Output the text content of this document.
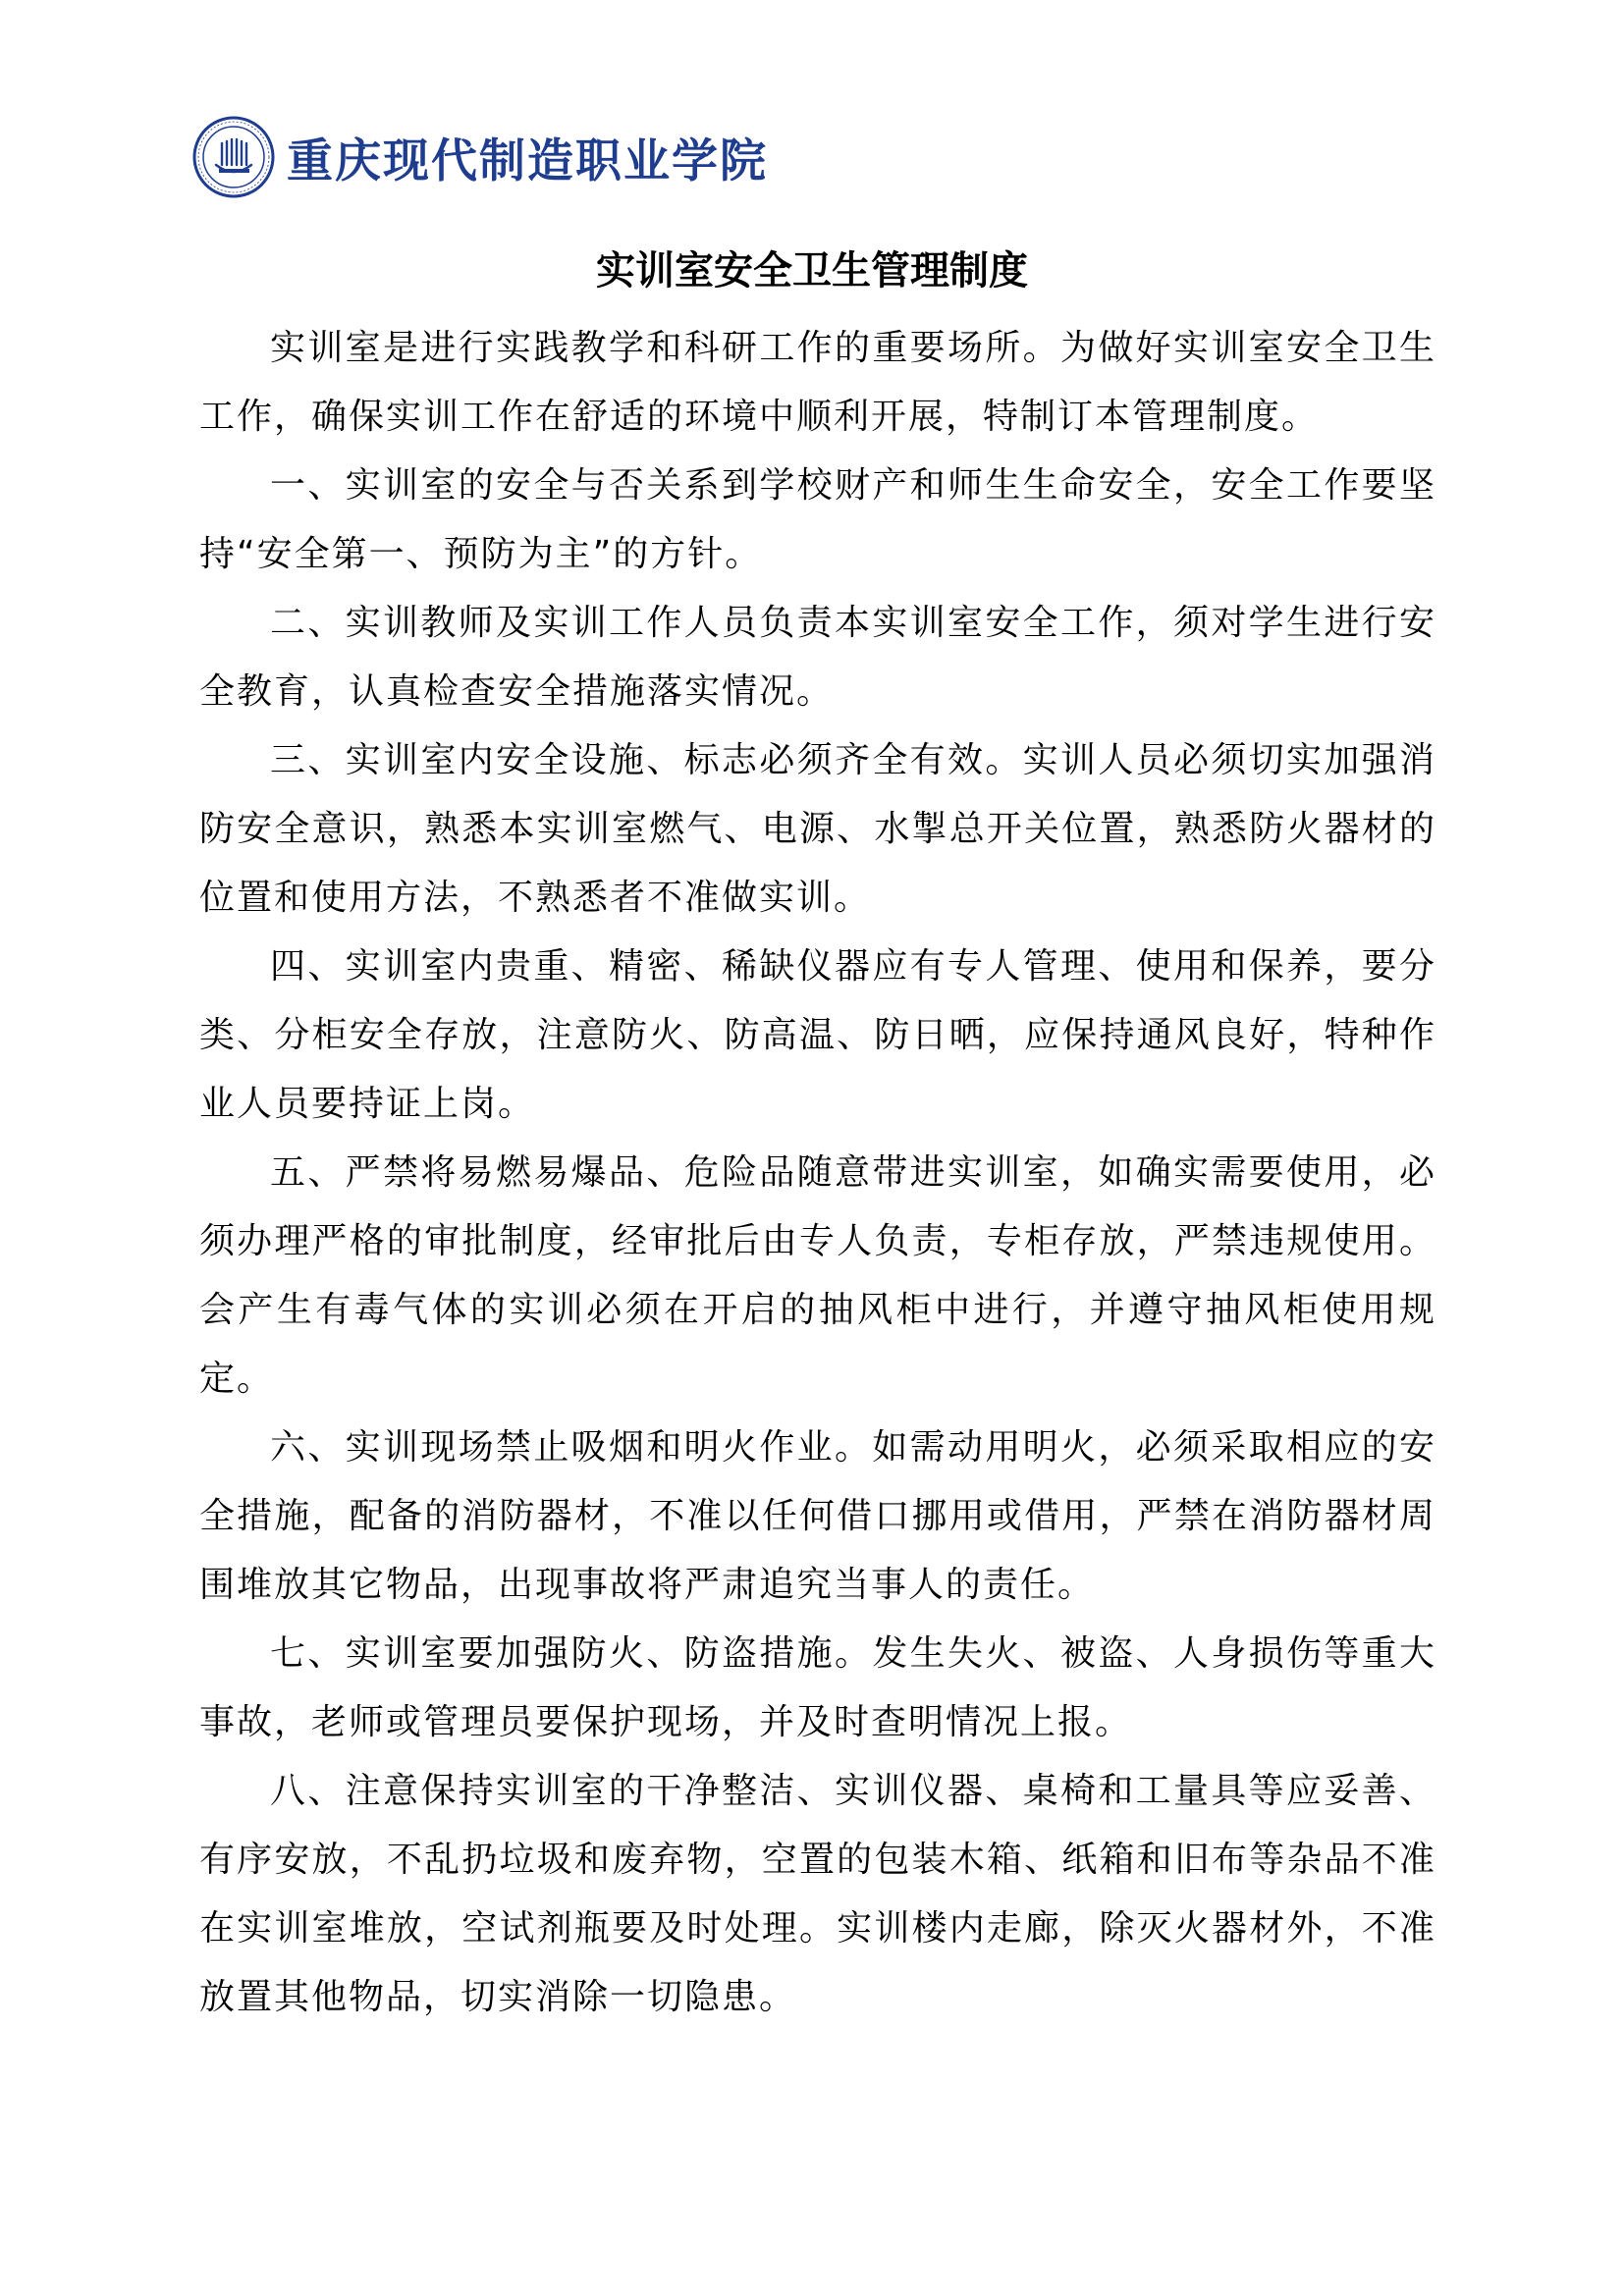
重庆现代制造职业学院
实训室安全卫生管理制度

实训室是进行实践教学和科研工作的重要场所。为做好实训室安全卫生工作，确保实训工作在舒适的环境中顺利开展，特制订本管理制度。

一、实训室的安全与否关系到学校财产和师生生命安全，安全工作要坚持“安全第一、预防为主”的方针。

二、实训教师及实训工作人员负责本实训室安全工作，须对学生进行安全教育，认真检查安全措施落实情况。

三、实训室内安全设施、标志必须齐全有效。实训人员必须切实加强消防安全意识，熟悉本实训室燃气、电源、水掣总开关位置，熟悉防火器材的位置和使用方法，不熟悉者不准做实训。

四、实训室内贵重、精密、稀缺仪器应有专人管理、使用和保养，要分类、分柜安全存放，注意防火、防高温、防日晒，应保持通风良好，特种作业人员要持证上岗。

五、严禁将易燃易爆品、危险品随意带进实训室，如确实需要使用，必须办理严格的审批制度，经审批后由专人负责，专柜存放，严禁违规使用。会产生有毒气体的实训必须在开启的抽风柜中进行，并遵守抽风柜使用规定。

六、实训现场禁止吸烟和明火作业。如需动用明火，必须采取相应的安全措施，配备的消防器材，不准以任何借口挪用或借用，严禁在消防器材周围堆放其它物品，出现事故将严肃追究当事人的责任。

七、实训室要加强防火、防盗措施。发生失火、被盗、人身损伤等重大事故，老师或管理员要保护现场，并及时查明情况上报。

八、注意保持实训室的干净整洁、实训仪器、桌椅和工量具等应妥善、有序安放，不乱扔垃圾和废弃物，空置的包装木箱、纸箱和旧布等杂品不准在实训室堆放，空试剂瓶要及时处理。实训楼内走廊，除灭火器材外，不准放置其他物品，切实消除一切隐患。
